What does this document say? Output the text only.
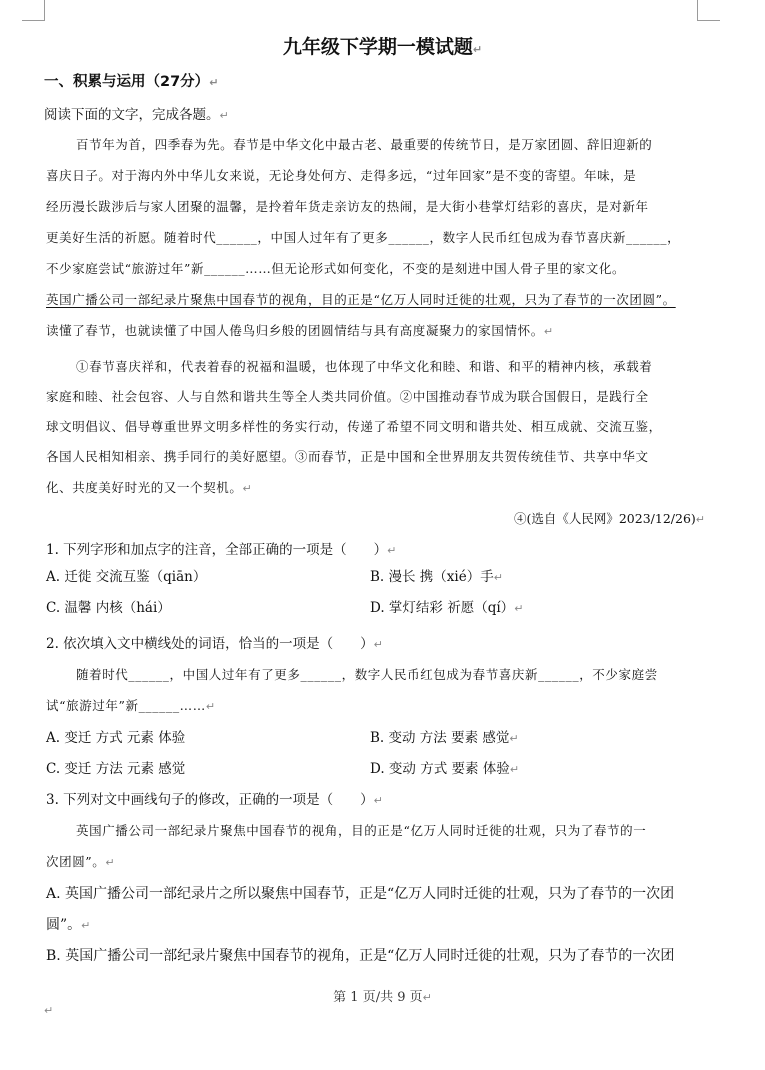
九年级下学期一模试题↵
一、积累与运用（27分）↵
阅读下面的文字，完成各题。↵
百节年为首，四季春为先。春节是中华文化中最古老、最重要的传统节日，是万家团圆、辞旧迎新的
喜庆日子。对于海内外中华儿女来说，无论身处何方、走得多远，“过年回家”是不变的寄望。年味，是
经历漫长跋涉后与家人团聚的温馨，是拎着年货走亲访友的热闹，是大街小巷掌灯结彩的喜庆，是对新年
更美好生活的祈愿。随着时代______，中国人过年有了更多______，数字人民币红包成为春节喜庆新______，
不少家庭尝试“旅游过年”新______……但无论形式如何变化，不变的是刻进中国人骨子里的家文化。
英国广播公司一部纪录片聚焦中国春节的视角，目的正是“亿万人同时迁徙的壮观，只为了春节的一次团圆”。
读懂了春节，也就读懂了中国人倦鸟归乡般的团圆情结与具有高度凝聚力的家国情怀。↵
①春节喜庆祥和，代表着春的祝福和温暖，也体现了中华文化和睦、和谐、和平的精神内核，承载着
家庭和睦、社会包容、人与自然和谐共生等全人类共同价值。②中国推动春节成为联合国假日，是践行全
球文明倡议、倡导尊重世界文明多样性的务实行动，传递了希望不同文明和谐共处、相互成就、交流互鉴，
各国人民相知相亲、携手同行的美好愿望。③而春节，正是中国和全世界朋友共贺传统佳节、共享中华文
化、共度美好时光的又一个契机。↵
④(选自《人民网》2023/12/26)↵
1. 下列字形和加点字的注音，全部正确的一项是（　　）↵
A. 迁徙 交流互鉴（qiān）	B. 漫长 携（xié）手↵
C. 温馨 内核（hái）	D. 掌灯结彩 祈愿（qí）↵
2. 依次填入文中横线处的词语，恰当的一项是（　　）↵
随着时代______，中国人过年有了更多______，数字人民币红包成为春节喜庆新______，不少家庭尝
试“旅游过年”新______……↵
A. 变迁 方式 元素 体验	B. 变动 方法 要素 感觉↵
C. 变迁 方法 元素 感觉	D. 变动 方式 要素 体验↵
3. 下列对文中画线句子的修改，正确的一项是（　　）↵
英国广播公司一部纪录片聚焦中国春节的视角，目的正是“亿万人同时迁徙的壮观，只为了春节的一
次团圆”。↵
A. 英国广播公司一部纪录片之所以聚焦中国春节，正是“亿万人同时迁徙的壮观，只为了春节的一次团
圆”。↵
B. 英国广播公司一部纪录片聚焦中国春节的视角，正是“亿万人同时迁徙的壮观，只为了春节的一次团
第 1 页/共 9 页↵
↵
